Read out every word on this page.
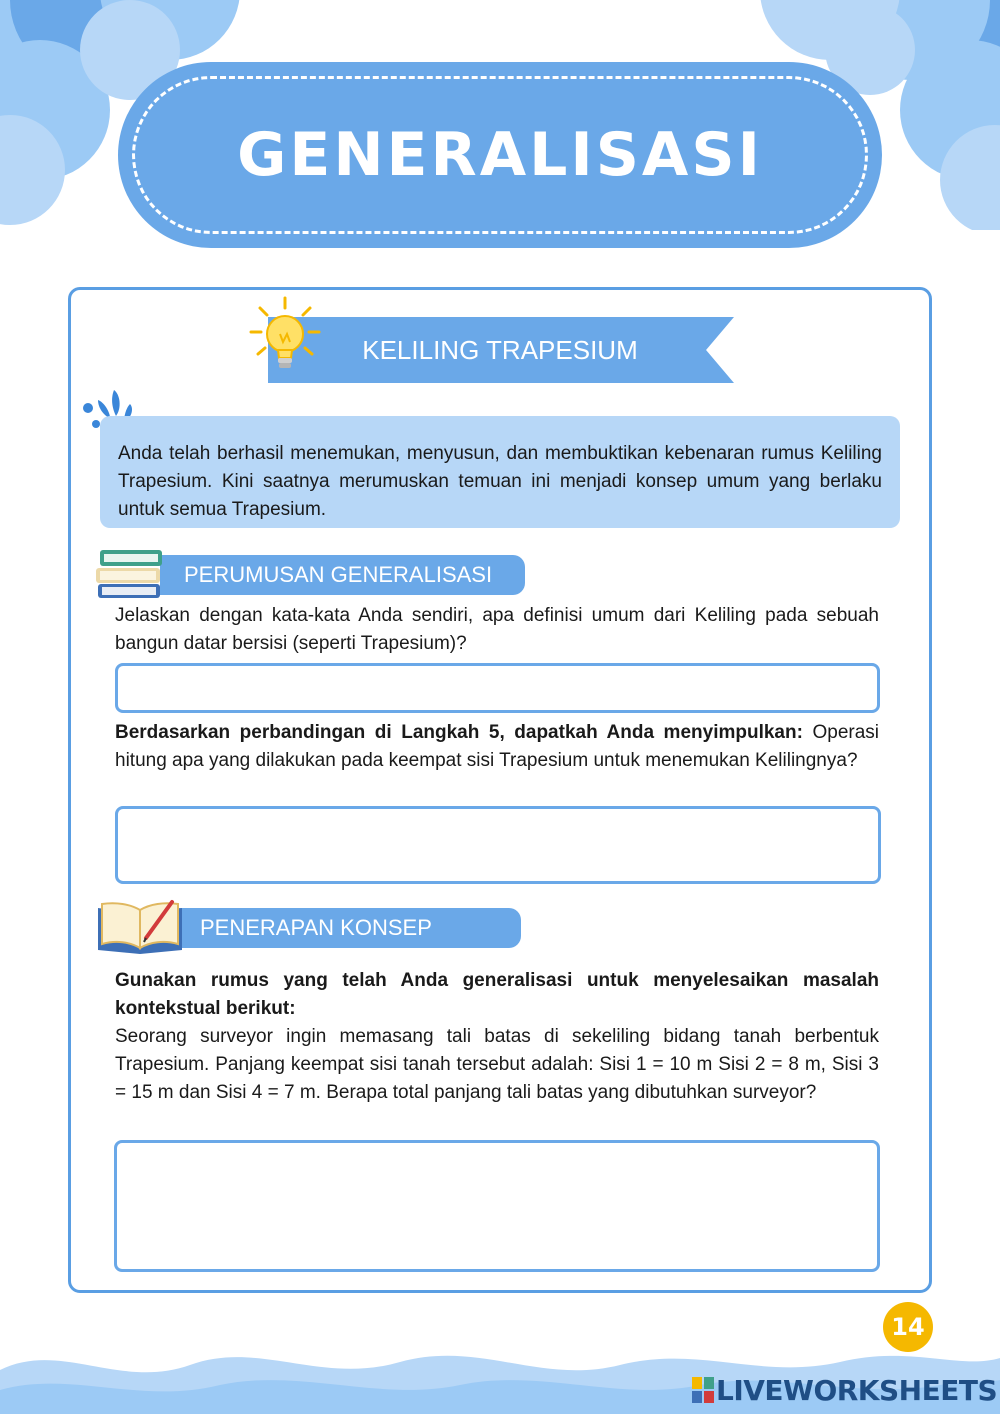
GENERALISASI
KELILING TRAPESIUM
Anda telah berhasil menemukan, menyusun, dan membuktikan kebenaran rumus Keliling Trapesium. Kini saatnya merumuskan temuan ini menjadi konsep umum yang berlaku untuk semua Trapesium.
PERUMUSAN GENERALISASI
Jelaskan dengan kata-kata Anda sendiri, apa definisi umum dari Keliling pada sebuah bangun datar bersisi (seperti Trapesium)?
Berdasarkan perbandingan di Langkah 5, dapatkah Anda menyimpulkan: Operasi hitung apa yang dilakukan pada keempat sisi Trapesium untuk menemukan Kelilingnya?
PENERAPAN KONSEP
Gunakan rumus yang telah Anda generalisasi untuk menyelesaikan masalah kontekstual berikut:
Seorang surveyor ingin memasang tali batas di sekeliling bidang tanah berbentuk Trapesium. Panjang keempat sisi tanah tersebut adalah: Sisi 1 = 10 m Sisi 2 = 8 m, Sisi 3 = 15 m dan Sisi 4 = 7 m. Berapa total panjang tali batas yang dibutuhkan surveyor?
14
LIVEWORKSHEETS
